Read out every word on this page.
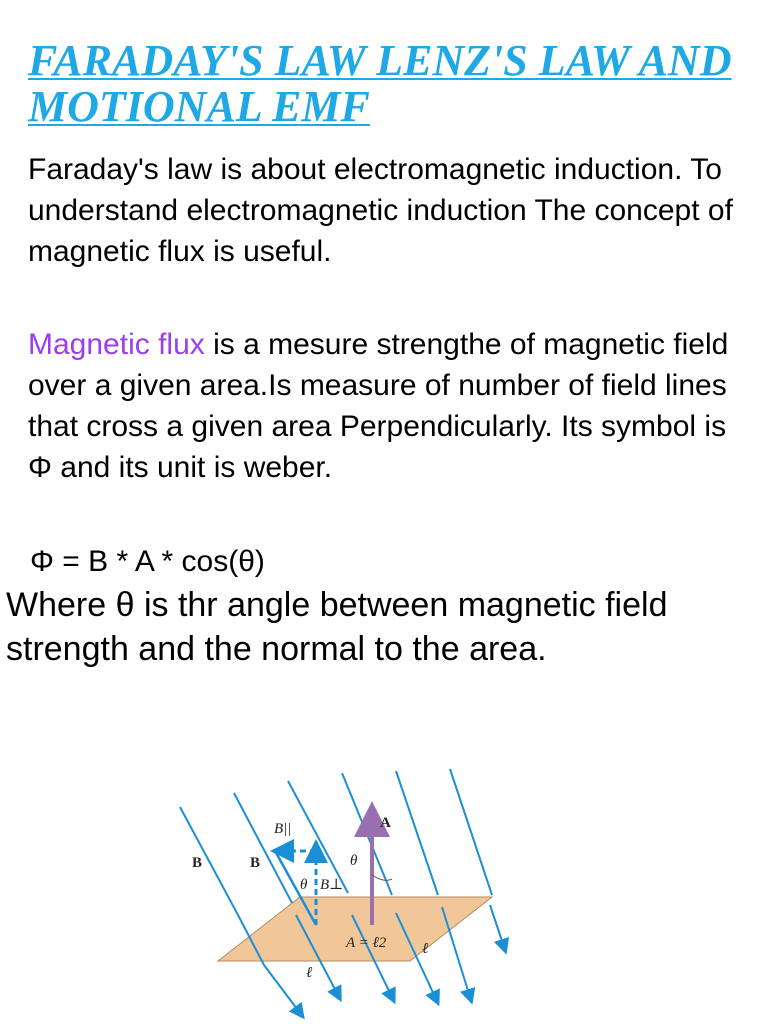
FARADAY'S LAW LENZ'S LAW AND MOTIONAL EMF

Faraday's law is about electromagnetic induction. To understand electromagnetic induction The concept of magnetic flux is useful.

Magnetic flux is a mesure strengthe of magnetic field over a given area.Is measure of number of field lines that cross a given area Perpendicularly. Its symbol is Φ and its unit is weber.

Φ = B * A * cos(θ)

Where θ is thr angle between magnetic field strength and the normal to the area.

B	B
B||
θ B⊥
θ
A
A = ℓ2
ℓ
ℓ
